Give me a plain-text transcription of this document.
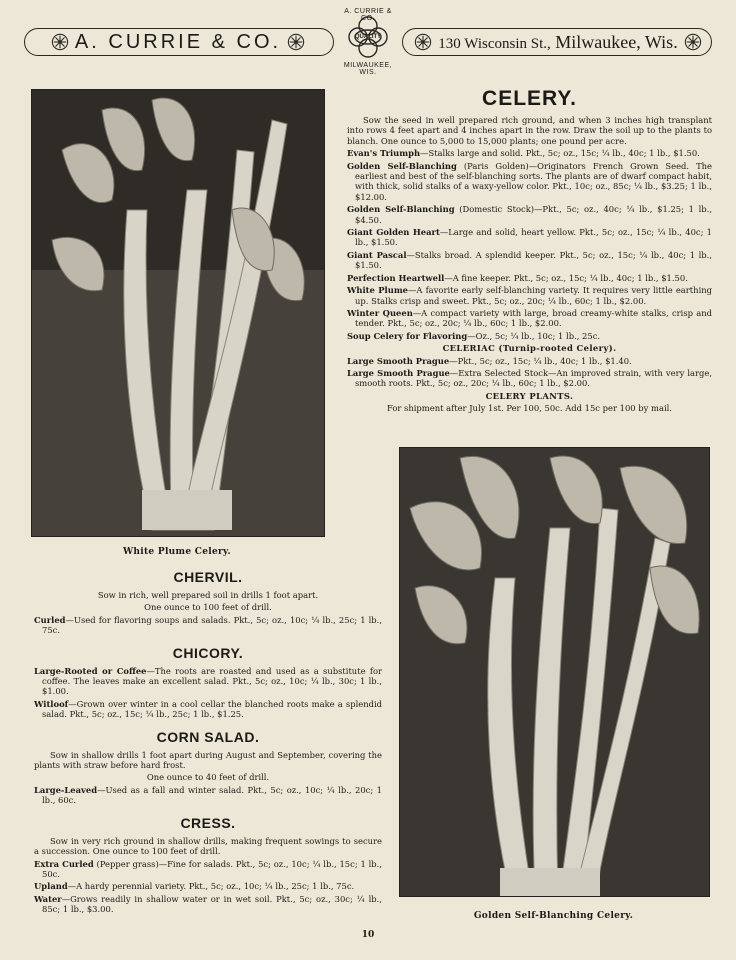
A. CURRIE & CO.
A. CURRIE & CO.
QUALITY
MILWAUKEE, WIS.
130 Wisconsin St., Milwaukee, Wis.
White Plume Celery.
Golden Self-Blanching Celery.
CELERY.

Sow the seed in well prepared rich ground, and when 3 inches high transplant into rows 4 feet apart and 4 inches apart in the row. Draw the soil up to the plants to blanch. One ounce to 5,000 to 15,000 plants; one pound per acre.

Evan's Triumph—Stalks large and solid. Pkt., 5c; oz., 15c; ¼ lb., 40c; 1 lb., $1.50.

Golden Self-Blanching (Paris Golden)—Originators French Grown Seed. The earliest and best of the self-blanching sorts. The plants are of dwarf compact habit, with thick, solid stalks of a waxy-yellow color. Pkt., 10c; oz., 85c; ¼ lb., $3.25; 1 lb., $12.00.

Golden Self-Blanching (Domestic Stock)—Pkt., 5c; oz., 40c; ¼ lb., $1.25; 1 lb., $4.50.

Giant Golden Heart—Large and solid, heart yellow. Pkt., 5c; oz., 15c; ¼ lb., 40c; 1 lb., $1.50.

Giant Pascal—Stalks broad. A splendid keeper. Pkt., 5c; oz., 15c; ¼ lb., 40c; 1 lb., $1.50.

Perfection Heartwell—A fine keeper. Pkt., 5c; oz., 15c; ¼ lb., 40c; 1 lb., $1.50.

White Plume—A favorite early self-blanching variety. It requires very little earthing up. Stalks crisp and sweet. Pkt., 5c; oz., 20c; ¼ lb., 60c; 1 lb., $2.00.

Winter Queen—A compact variety with large, broad creamy-white stalks, crisp and tender. Pkt., 5c; oz., 20c; ¼ lb., 60c; 1 lb., $2.00.

Soup Celery for Flavoring—Oz., 5c; ¼ lb., 10c; 1 lb., 25c.

CELERIAC (Turnip-rooted Celery).

Large Smooth Prague—Pkt., 5c; oz., 15c; ¼ lb., 40c; 1 lb., $1.40.

Large Smooth Prague—Extra Selected Stock—An improved strain, with very large, smooth roots. Pkt., 5c; oz., 20c; ¼ lb., 60c; 1 lb., $2.00.

CELERY PLANTS.

For shipment after July 1st. Per 100, 50c. Add 15c per 100 by mail.

CHERVIL.

Sow in rich, well prepared soil in drills 1 foot apart.

One ounce to 100 feet of drill.

Curled—Used for flavoring soups and salads. Pkt., 5c; oz., 10c; ¼ lb., 25c; 1 lb., 75c.

CHICORY.

Large-Rooted or Coffee—The roots are roasted and used as a substitute for coffee. The leaves make an excellent salad. Pkt., 5c; oz., 10c; ¼ lb., 30c; 1 lb., $1.00.

Witloof—Grown over winter in a cool cellar the blanched roots make a splendid salad. Pkt., 5c; oz., 15c; ¼ lb., 25c; 1 lb., $1.25.

CORN SALAD.

Sow in shallow drills 1 foot apart during August and September, covering the plants with straw before hard frost.

One ounce to 40 feet of drill.

Large-Leaved—Used as a fall and winter salad. Pkt., 5c; oz., 10c; ¼ lb., 20c; 1 lb., 60c.

CRESS.

Sow in very rich ground in shallow drills, making frequent sowings to secure a succession. One ounce to 100 feet of drill.

Extra Curled (Pepper grass)—Fine for salads. Pkt., 5c; oz., 10c; ¼ lb., 15c; 1 lb., 50c.

Upland—A hardy perennial variety. Pkt., 5c; oz., 10c; ¼ lb., 25c; 1 lb., 75c.

Water—Grows readily in shallow water or in wet soil. Pkt., 5c; oz., 30c; ¼ lb., 85c; 1 lb., $3.00.

10
